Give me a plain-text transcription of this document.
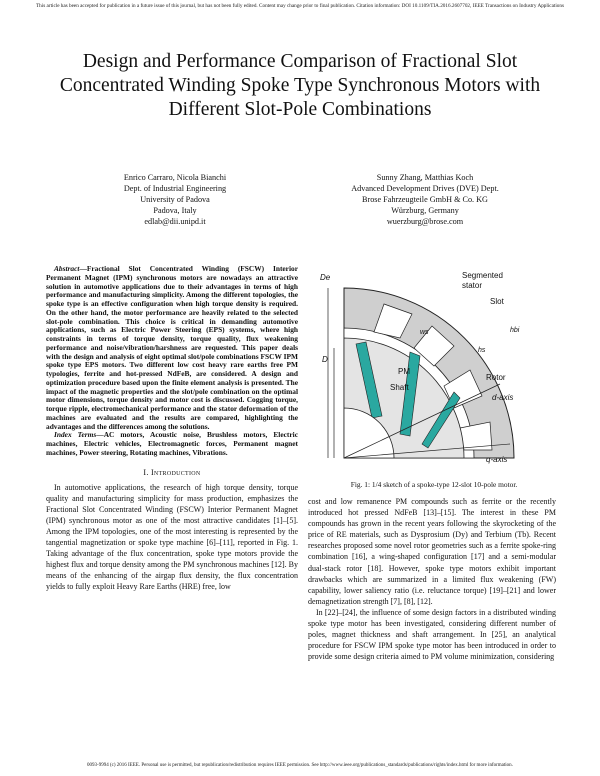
This article has been accepted for publication in a future issue of this journal, but has not been fully edited. Content may change prior to final publication. Citation information: DOI 10.1109/TIA.2016.2607702, IEEE Transactions on Industry Applications
Design and Performance Comparison of Fractional Slot Concentrated Winding Spoke Type Synchronous Motors with Different Slot-Pole Combinations
Enrico Carraro, Nicola Bianchi
Dept. of Industrial Engineering
University of Padova
Padova, Italy
edlab@dii.unipd.it
Sunny Zhang, Matthias Koch
Advanced Development Drives (DVE) Dept.
Brose Fahrzeugteile GmbH & Co. KG
Würzburg, Germany
wuerzburg@brose.com

Abstract—Fractional Slot Concentrated Winding (FSCW) Interior Permanent Magnet (IPM) synchronous motors are nowadays an attractive solution in automotive applications due to their advantages in terms of high performance and manufacturing simplicity. Among the different topologies, the spoke type is an effective configuration when high torque density is required. On the other hand, the motor performance are heavily related to the selected slot-pole combination. This choice is critical in demanding automotive applications, such as Electric Power Steering (EPS) systems, where high constraints in terms of torque density, torque quality, flux weakening performance and noise/vibration/harshness are requested. This paper deals with the design and analysis of eight optimal slot/pole combinations FSCW IPM spoke type EPS motors. Two different low cost heavy rare earths free PM typologies, ferrite and hot-pressed NdFeB, are considered. A design and optimization procedure based upon the finite element analysis is presented. The impact of the magnetic properties and the slot/pole combination on the optimal motor dimensions, torque density and motor cost is discussed. Cogging torque, torque ripple, electromechanical performance and the stator deformation of the machines are evaluated and the results are compared, highlighting the advantages and the differences among the solutions.

Index Terms—AC motors, Acoustic noise, Brushless motors, Electric machines, Electric vehicles, Electromagnetic forces, Permanent magnet machines, Power steering, Rotating machines, Vibrations.

I. Introduction

In automotive applications, the research of high torque density, torque quality and manufacturing simplicity for mass production, emphasizes the Fractional Slot Concentrated Winding (FSCW) Interior Permanent Magnet (IPM) synchronous motor as one of the most attractive candidates [1]–[5]. Among the IPM topologies, one of the most interesting is represented by the tangential magnetization or spoke type machine [6]–[11], reported in Fig. 1. Taking advantage of the flux concentration, spoke type motors provide the highest flux and torque density among the PM synchronous machines [12]. By means of the enhancing of the airgap flux density, the flux concentration yields to fully exploit Heavy Rare Earths (HRE) free, low

Segmented
stator
Slot
PM
Shaft
Rotor
d-axis
q-axis
De
D
ws
hs
hbi
Fig. 1: 1/4 sketch of a spoke-type 12-slot 10-pole motor.

cost and low remanence PM compounds such as ferrite or the recently introduced hot pressed NdFeB [13]–[15]. The interest in these PM compounds has grown in the recent years following the skyrocketing of the price of RE materials, such as Dysprosium (Dy) and Terbium (Tb). Recent researches proposed some novel rotor geometries such as a ferrite spoke-ring combination [16], a wing-shaped configuration [17] and a semi-modular dual-stack rotor [18]. However, spoke type motors exhibit important drawbacks which are summarized in a limited flux weakening (FW) capability, lower saliency ratio (i.e. reluctance torque) [19]–[21] and lower demagnetization strength [7], [8], [12].

In [22]–[24], the influence of some design factors in a distributed winding spoke type motor has been investigated, considering different number of poles, magnet thickness and shaft arrangement. In [25], an analytical procedure for FSCW IPM spoke type motor has been introduced in order to provide some design criteria aimed to PM volume minimization, considering

0093-9994 (c) 2016 IEEE. Personal use is permitted, but republication/redistribution requires IEEE permission. See http://www.ieee.org/publications_standards/publications/rights/index.html for more information.
